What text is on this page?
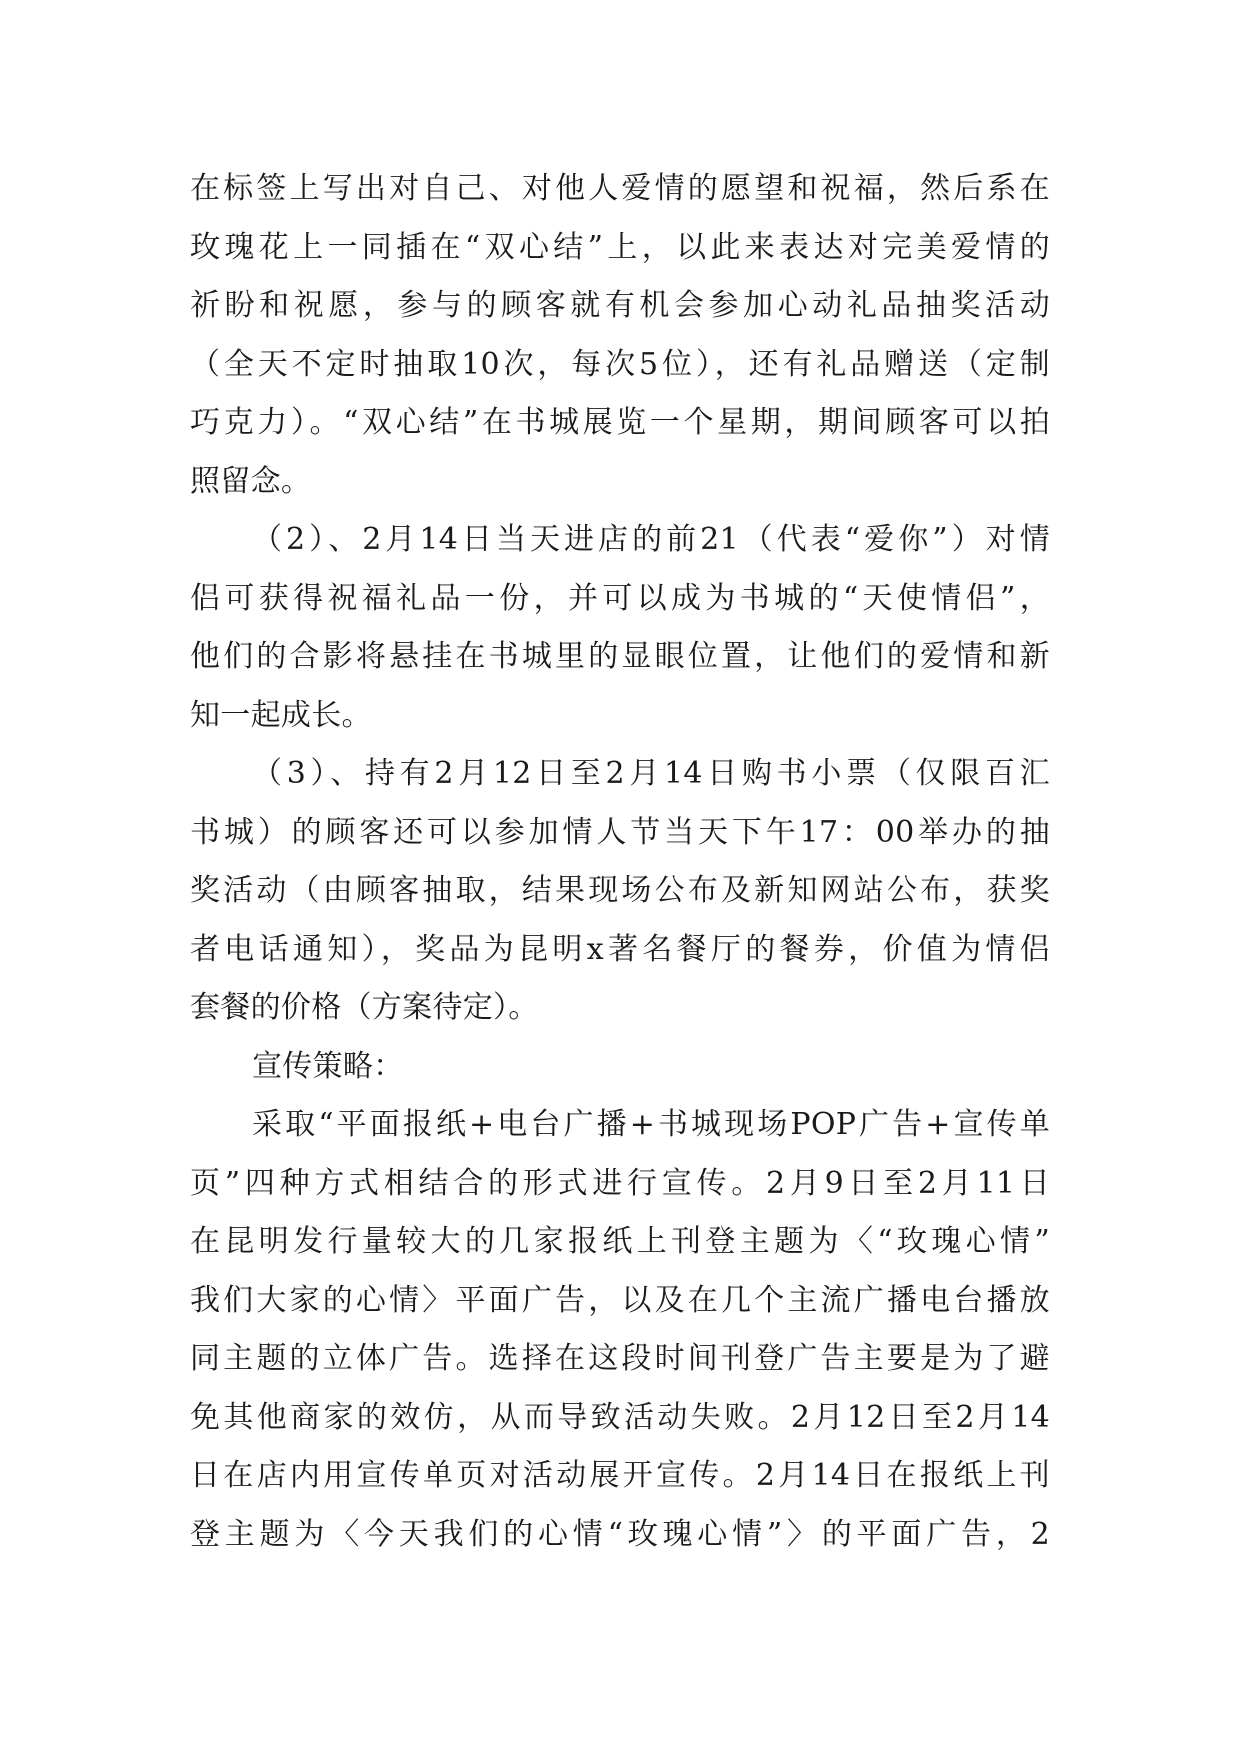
在标签上写出对自己、对他人爱情的愿望和祝福，然后系在
玫瑰花上一同插在“双心结”上，以此来表达对完美爱情的
祈盼和祝愿，参与的顾客就有机会参加心动礼品抽奖活动
（全天不定时抽取10次，每次5位），还有礼品赠送（定制
巧克力）。“双心结”在书城展览一个星期，期间顾客可以拍
照留念。
（2）、2月14日当天进店的前21（代表“爱你”）对情
侣可获得祝福礼品一份，并可以成为书城的“天使情侣”，
他们的合影将悬挂在书城里的显眼位置，让他们的爱情和新
知一起成长。
（3）、持有2月12日至2月14日购书小票（仅限百汇
书城）的顾客还可以参加情人节当天下午17：00举办的抽
奖活动（由顾客抽取，结果现场公布及新知网站公布，获奖
者电话通知），奖品为昆明x著名餐厅的餐券，价值为情侣
套餐的价格（方案待定）。
宣传策略：
采取“平面报纸+电台广播+书城现场POP广告+宣传单
页”四种方式相结合的形式进行宣传。2月9日至2月11日
在昆明发行量较大的几家报纸上刊登主题为〈“玫瑰心情”
我们大家的心情〉平面广告，以及在几个主流广播电台播放
同主题的立体广告。选择在这段时间刊登广告主要是为了避
免其他商家的效仿，从而导致活动失败。2月12日至2月14
日在店内用宣传单页对活动展开宣传。2月14日在报纸上刊
登主题为〈今天我们的心情“玫瑰心情”〉的平面广告，2
